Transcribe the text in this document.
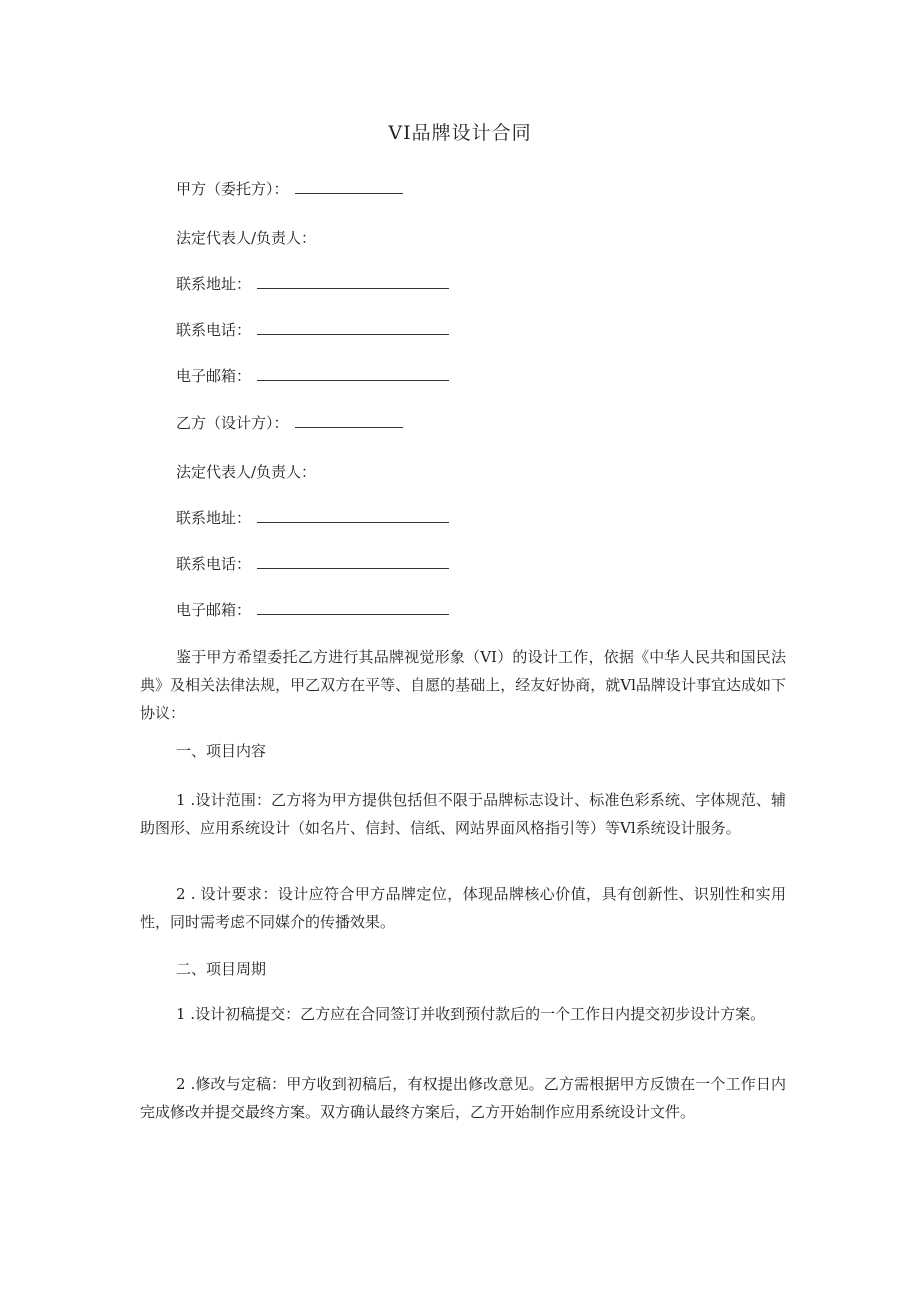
VI品牌设计合同
甲方（委托方）：
法定代表人/负责人：
联系地址：
联系电话：
电子邮箱：
乙方（设计方）：
法定代表人/负责人：
联系地址：
联系电话：
电子邮箱：
鉴于甲方希望委托乙方进行其品牌视觉形象（VI）的设计工作，依据《中华人民共和国民法典》及相关法律法规，甲乙双方在平等、自愿的基础上，经友好协商，就Vl品牌设计事宜达成如下协议：
一、项目内容
1 .设计范围：乙方将为甲方提供包括但不限于品牌标志设计、标准色彩系统、字体规范、辅助图形、应用系统设计（如名片、信封、信纸、网站界面风格指引等）等Vl系统设计服务。
2 . 设计要求：设计应符合甲方品牌定位，体现品牌核心价值，具有创新性、识别性和实用性，同时需考虑不同媒介的传播效果。
二、项目周期
1 .设计初稿提交：乙方应在合同签订并收到预付款后的一个工作日内提交初步设计方案。
2 .修改与定稿：甲方收到初稿后，有权提出修改意见。乙方需根据甲方反馈在一个工作日内完成修改并提交最终方案。双方确认最终方案后，乙方开始制作应用系统设计文件。
